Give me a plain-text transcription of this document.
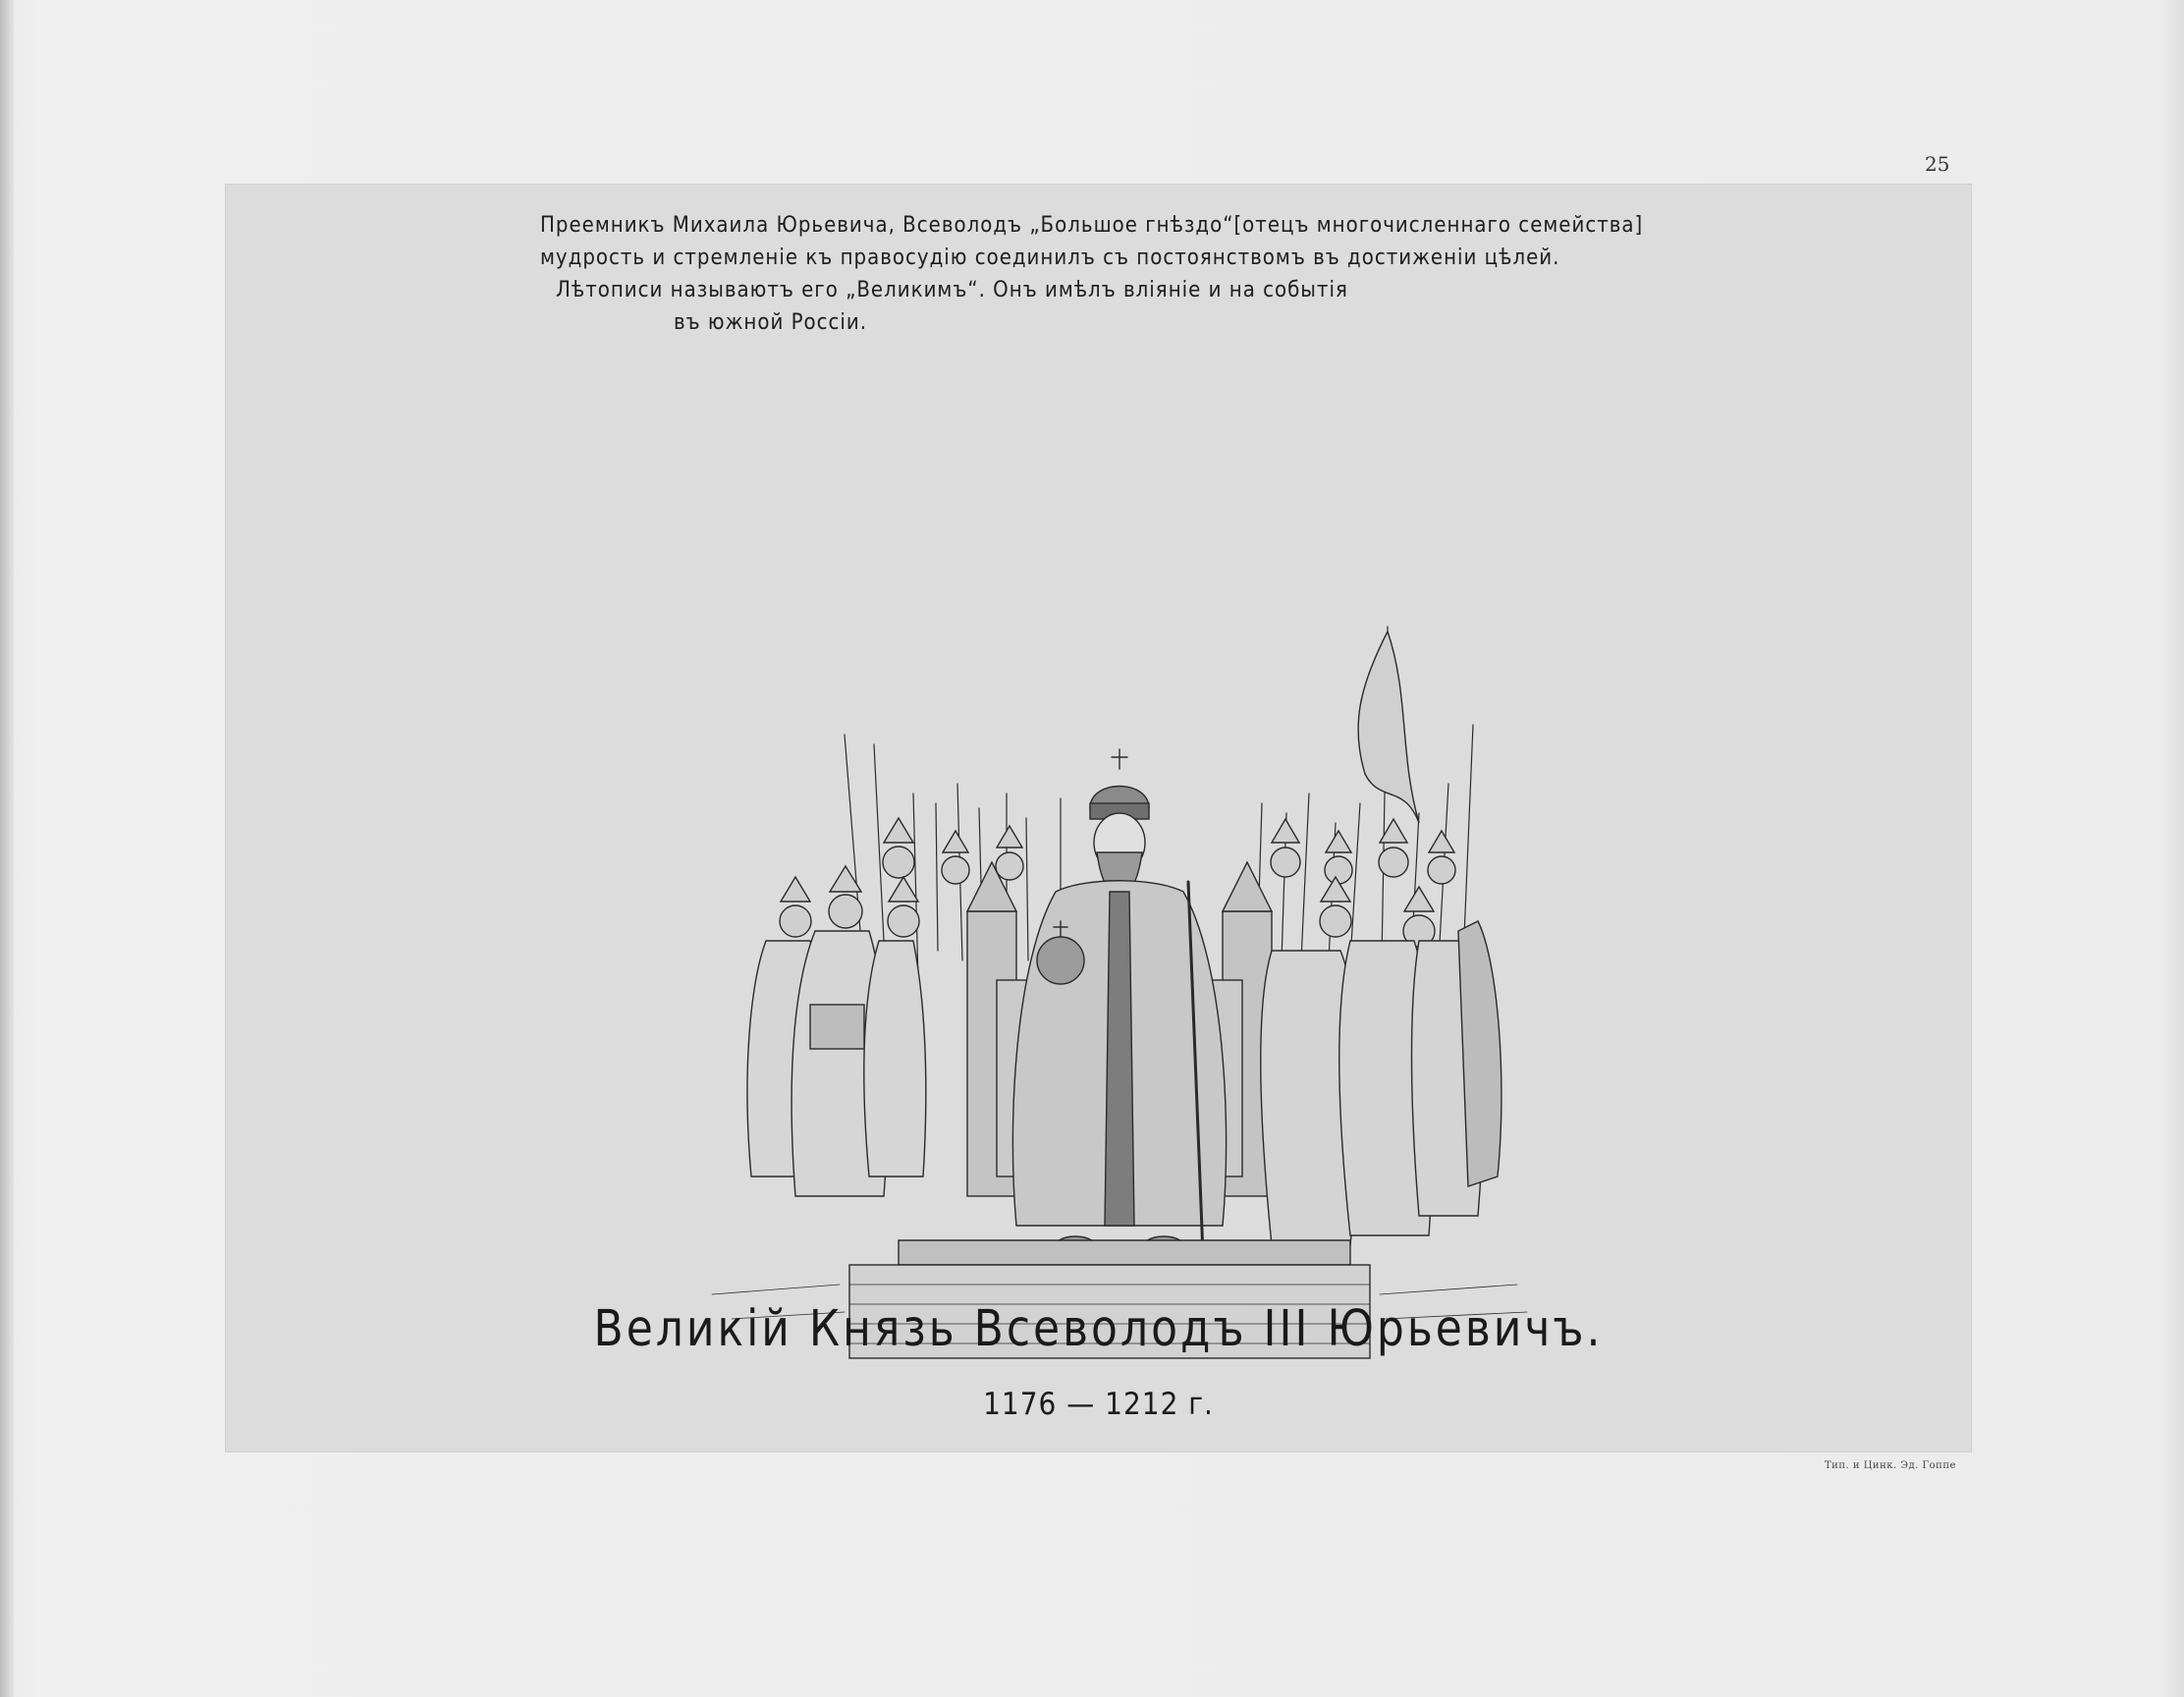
25
Преемникъ Михаила Юрьевича, Всеволодъ „Большое гнѣздо“[отецъ многочисленнаго семейства]
мудрость и стремленіе къ правосудію соединилъ съ постоянствомъ въ достиженіи цѣлей.
Лѣтописи называютъ его „Великимъ“. Онъ имѣлъ вліяніе и на событія
въ южной Россіи.
Великій Князь Всеволодъ III Юрьевичъ.
1176 — 1212 г.
Тип. и Цинк. Эд. Гоппе
